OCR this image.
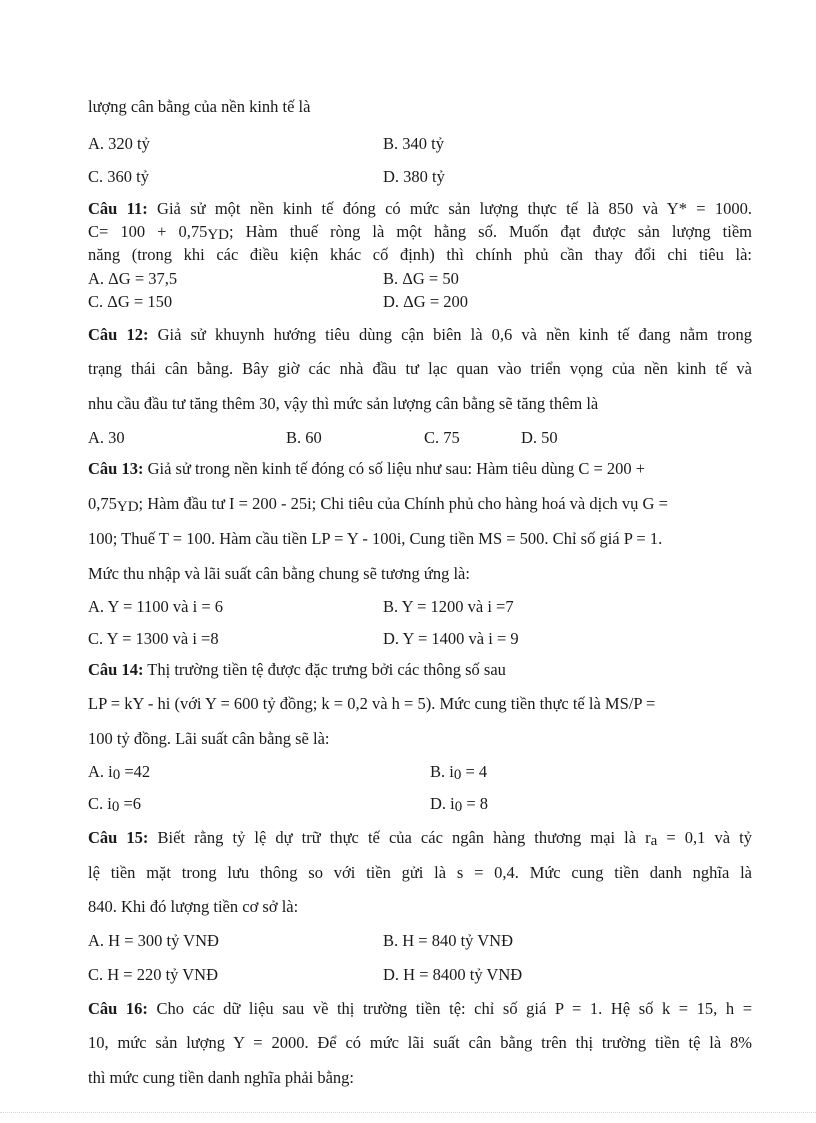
lượng cân bằng của nền kinh tế là
A. 320 tỷ	B. 340 tỷ
C. 360 tỷ	D. 380 tỷ
Câu 11: Giả sử một nền kinh tế đóng có mức sản lượng thực tế là 850 và Y* = 1000.
$C= 100 + 0,75_{YD}$; Hàm thuế ròng là một hằng số. Muốn đạt được sản lượng tiềm
năng (trong khi các điều kiện khác cố định) thì chính phủ cần thay đổi chi tiêu là:
A. ΔG = 37,5	B. ΔG = 50
C. ΔG = 150	D. ΔG = 200
Câu 12: Giả sử khuynh hướng tiêu dùng cận biên là 0,6 và nền kinh tế đang nằm trong
trạng thái cân bằng. Bây giờ các nhà đầu tư lạc quan vào triển vọng của nền kinh tế và
nhu cầu đầu tư tăng thêm 30, vậy thì mức sản lượng cân bằng sẽ tăng thêm là
A. 30	B. 60	C. 75	D. 50
Câu 13: Giả sử trong nền kinh tế đóng có số liệu như sau: Hàm tiêu dùng C = 200 +
$0,75_{YD}$; Hàm đầu tư I = 200 - 25i; Chi tiêu của Chính phủ cho hàng hoá và dịch vụ G =
100; Thuế T = 100. Hàm cầu tiền LP = Y - 100i, Cung tiền MS = 500. Chỉ số giá P = 1.
Mức thu nhập và lãi suất cân bằng chung sẽ tương ứng là:
A. Y = 1100 và i = 6	B. Y = 1200 và i =7
C. Y = 1300 và i =8	D. Y = 1400 và i = 9
Câu 14: Thị trường tiền tệ được đặc trưng bởi các thông số sau
LP = kY - hi (với Y = 600 tỷ đồng; k = 0,2 và h = 5). Mức cung tiền thực tế là MS/P =
100 tỷ đồng. Lãi suất cân bằng sẽ là:
A. $i_0 =42$	B. $i_0 = 4$
C. $i_0 =6$	D. $i_0 = 8$
Câu 15: Biết rằng tỷ lệ dự trữ thực tế của các ngân hàng thương mại là $r_a = 0,1$ và tỷ
lệ tiền mặt trong lưu thông so với tiền gửi là s = 0,4. Mức cung tiền danh nghĩa là
840. Khi đó lượng tiền cơ sở là:
A. H = 300 tỷ VNĐ	B. H = 840 tỷ VNĐ
C. H = 220 tỷ VNĐ	D. H = 8400 tỷ VNĐ
Câu 16: Cho các dữ liệu sau về thị trường tiền tệ: chỉ số giá P = 1. Hệ số k = 15, h =
10, mức sản lượng Y = 2000. Để có mức lãi suất cân bằng trên thị trường tiền tệ là 8%
thì mức cung tiền danh nghĩa phải bằng:
